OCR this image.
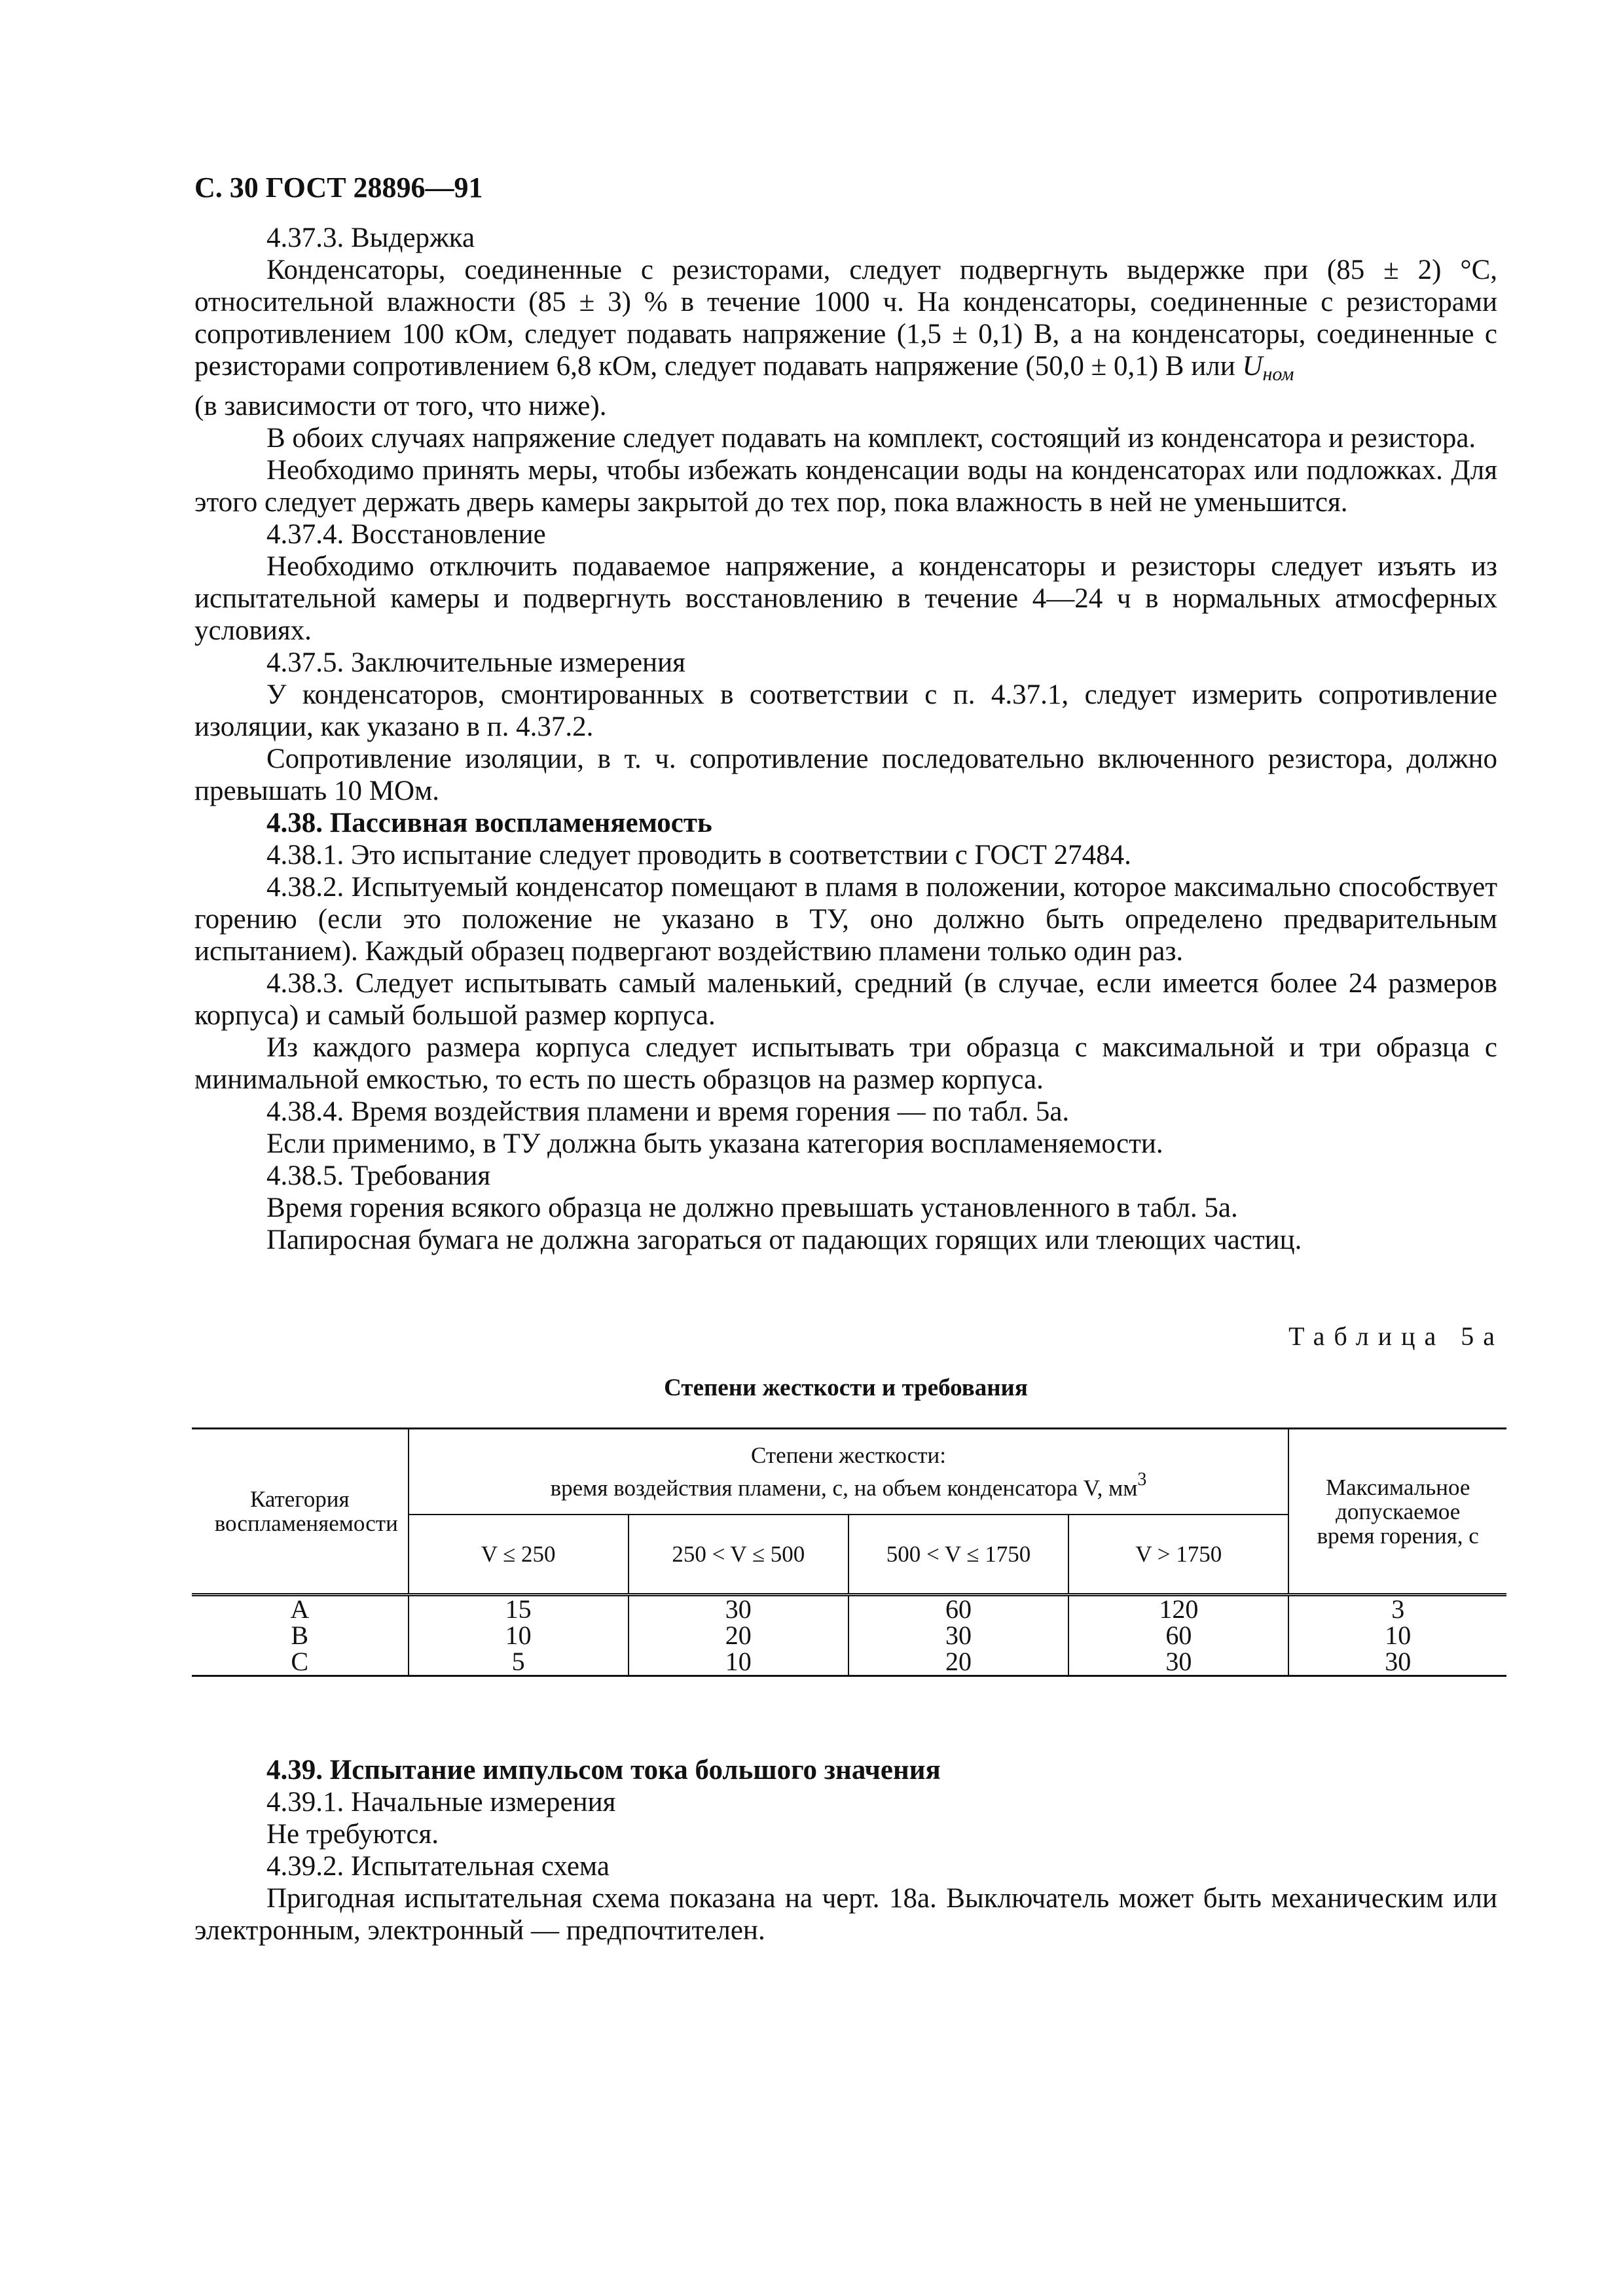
С. 30 ГОСТ 28896—91

4.37.3. Выдержка

Конденсаторы, соединенные с резисторами, следует подвергнуть выдержке при (85 ± 2) °С, относительной влажности (85 ± 3) % в течение 1000 ч. На конденсаторы, соединенные с резисторами сопротивлением 100 кОм, следует подавать напряжение (1,5 ± 0,1) В, а на конденсаторы, соединенные с резисторами сопротивлением 6,8 кОм, следует подавать напряжение (50,0 ± 0,1) В или $U_{ном}$

(в зависимости от того, что ниже).

В обоих случаях напряжение следует подавать на комплект, состоящий из конденсатора и резистора.

Необходимо принять меры, чтобы избежать конденсации воды на конденсаторах или подложках. Для этого следует держать дверь камеры закрытой до тех пор, пока влажность в ней не уменьшится.

4.37.4. Восстановление

Необходимо отключить подаваемое напряжение, а конденсаторы и резисторы следует изъять из испытательной камеры и подвергнуть восстановлению в течение 4—24 ч в нормальных атмосферных условиях.

4.37.5. Заключительные измерения

У конденсаторов, смонтированных в соответствии с п. 4.37.1, следует измерить сопротивление изоляции, как указано в п. 4.37.2.

Сопротивление изоляции, в т. ч. сопротивление последовательно включенного резистора, должно превышать 10 МОм.

4.38. Пассивная воспламеняемость

4.38.1. Это испытание следует проводить в соответствии с ГОСТ 27484.

4.38.2. Испытуемый конденсатор помещают в пламя в положении, которое максимально способствует горению (если это положение не указано в ТУ, оно должно быть определено предварительным испытанием). Каждый образец подвергают воздействию пламени только один раз.

4.38.3. Следует испытывать самый маленький, средний (в случае, если имеется более 24 размеров корпуса) и самый большой размер корпуса.

Из каждого размера корпуса следует испытывать три образца с максимальной и три образца с минимальной емкостью, то есть по шесть образцов на размер корпуса.

4.38.4. Время воздействия пламени и время горения — по табл. 5а.

Если применимо, в ТУ должна быть указана категория воспламеняемости.

4.38.5. Требования

Время горения всякого образца не должно превышать установленного в табл. 5а.

Папиросная бумага не должна загораться от падающих горящих или тлеющих частиц.

Таблица 5а
Степени жесткости и требования
Категория воспламеняемости	Степени жесткости:
время воздействия пламени, с, на объем конденсатора V, $мм^3$				Максимальное допускаемое время горения, с

	V ≤ 250	250 < V ≤ 500	500 < V ≤ 1750	V > 1750	
А	15	30	60	120	3
В	10	20	30	60	10
С	5	10	20	30	30

4.39. Испытание импульсом тока большого значения

4.39.1. Начальные измерения

Не требуются.

4.39.2. Испытательная схема

Пригодная испытательная схема показана на черт. 18а. Выключатель может быть механическим или электронным, электронный — предпочтителен.
